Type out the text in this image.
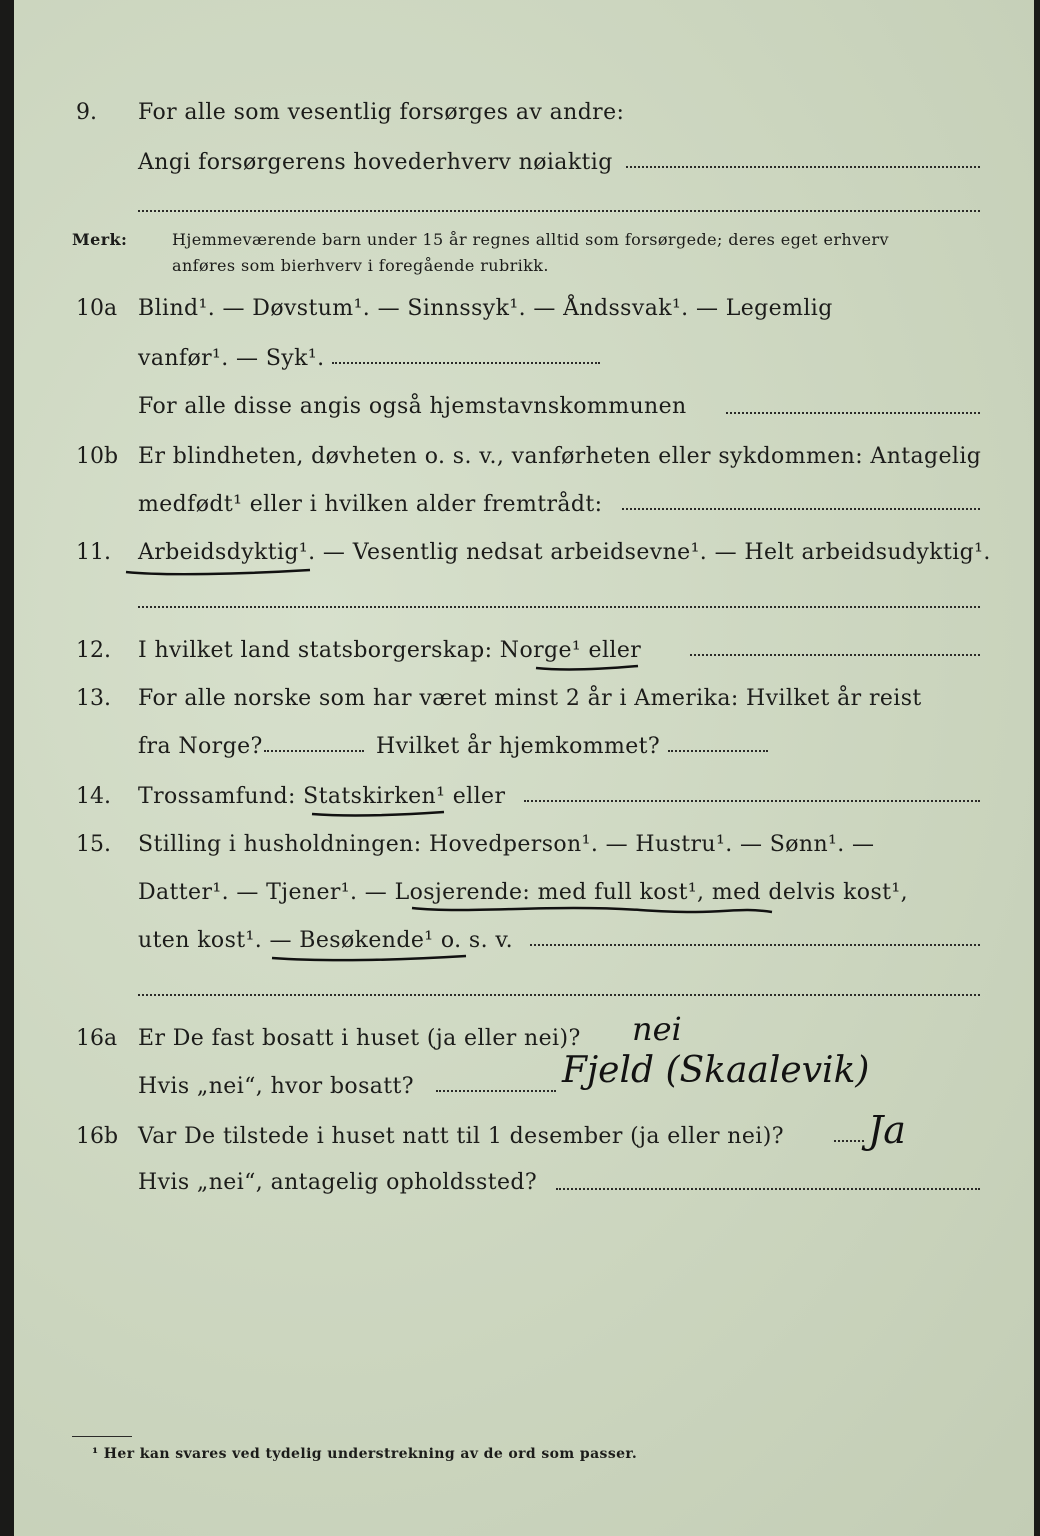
9. For alle som vesentlig forsørges av andre:
Angi forsørgerens hovederhverv nøiaktig
Merk:	Hjemmeværende barn under 15 år regnes alltid som forsørgede; deres eget erhverv
anføres som bierhverv i foregående rubrikk.
10a Blind¹. — Døvstum¹. — Sinnssyk¹. — Åndssvak¹. — Legemlig
vanfør¹. — Syk¹.
For alle disse angis også hjemstavnskommunen
10b Er blindheten, døvheten o. s. v., vanførheten eller sykdommen: Antagelig
medfødt¹ eller i hvilken alder fremtrådt:
11. Arbeidsdyktig¹. — Vesentlig nedsat arbeidsevne¹. — Helt arbeidsudyktig¹.
12. I hvilket land statsborgerskap: Norge¹ eller
13. For alle norske som har været minst 2 år i Amerika: Hvilket år reist
fra Norge?	Hvilket år hjemkommet?
14. Trossamfund: Statskirken¹ eller
15. Stilling i husholdningen: Hovedperson¹. — Hustru¹. — Sønn¹. —
Datter¹. — Tjener¹. — Losjerende: med full kost¹, med delvis kost¹,
uten kost¹. — Besøkende¹ o. s. v.
16a Er De fast bosatt i huset (ja eller nei)? nei
Hvis „nei“, hvor bosatt?	Fjeld (Skaalevik)
16b Var De tilstede i huset natt til 1 desember (ja eller nei)? Ja
Hvis „nei“, antagelig opholdssted?
¹ Her kan svares ved tydelig understrekning av de ord som passer.
